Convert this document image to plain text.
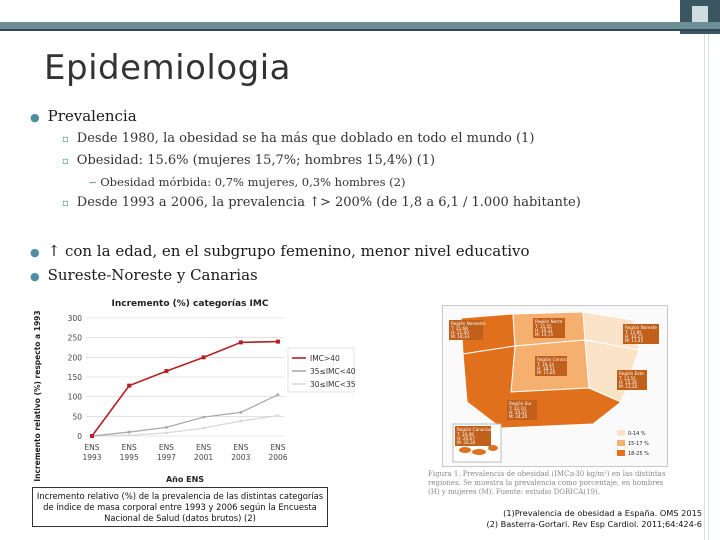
Epidemiologia
● Prevalencia
▫ Desde 1980, la obesidad se ha más que doblado en todo el mundo (1)
▫ Obesidad: 15.6% (mujeres 15,7%; hombres 15,4%) (1)
∽ Obesidad mórbida: 0,7% mujeres, 0,3% hombres (2)
▫ Desde 1993 a 2006, la prevalencia ↑> 200% (de 1,8 a 6,1 / 1.000 habitante)
● ↑ con la edad, en el subgrupo femenino, menor nivel educativo
● Sureste-Noreste y Canarias
Incremento (%) categorías IMC
Incremento relativo (%) respecto a 1993	Año ENS
0
50
100
150
200
250
300
ENS
1993
ENS
1995
ENS
1997
ENS
2001
ENS
2003
ENS
2006
IMC>40
35≤IMC<40
30≤IMC<35
Incremento relativo (%) de la prevalencia de las distintas categorías de índice de masa corporal entre 1993 y 2006 según la Encuesta Nacional de Salud (datos brutos) (2)
Región Noroeste
T: 21,68
H: 21,90
M: 18,33
Región Norte
T: 15,55
H: 16,31
M: 14,71
Región Noreste
T: 12,95
H: 14,25
M: 11,45
Región Centro
T: 19,33
H: 18,51
M: 15,85	Región Este
T: 13,55
H: 15,36
M: 12,20
Región Sur
T: 22,10
H: 20,42
M: 24,20
Región Canarias
T: 20,09
H: 26,67
M: 20,30
0-14 %
15-17 %
18-25 %
Figura 1. Prevalencia de obesidad (IMC≥30 kg/m²) en las distintas regiones. Se muestra la prevalencia como porcentaje, en hombres (H) y mujeres (M). Fuente: estudio DORICA(19).
(1)Prevalencia de obesidad a España. OMS 2015
(2) Basterra-Gortari. Rev Esp Cardiol. 2011;64:424-6
